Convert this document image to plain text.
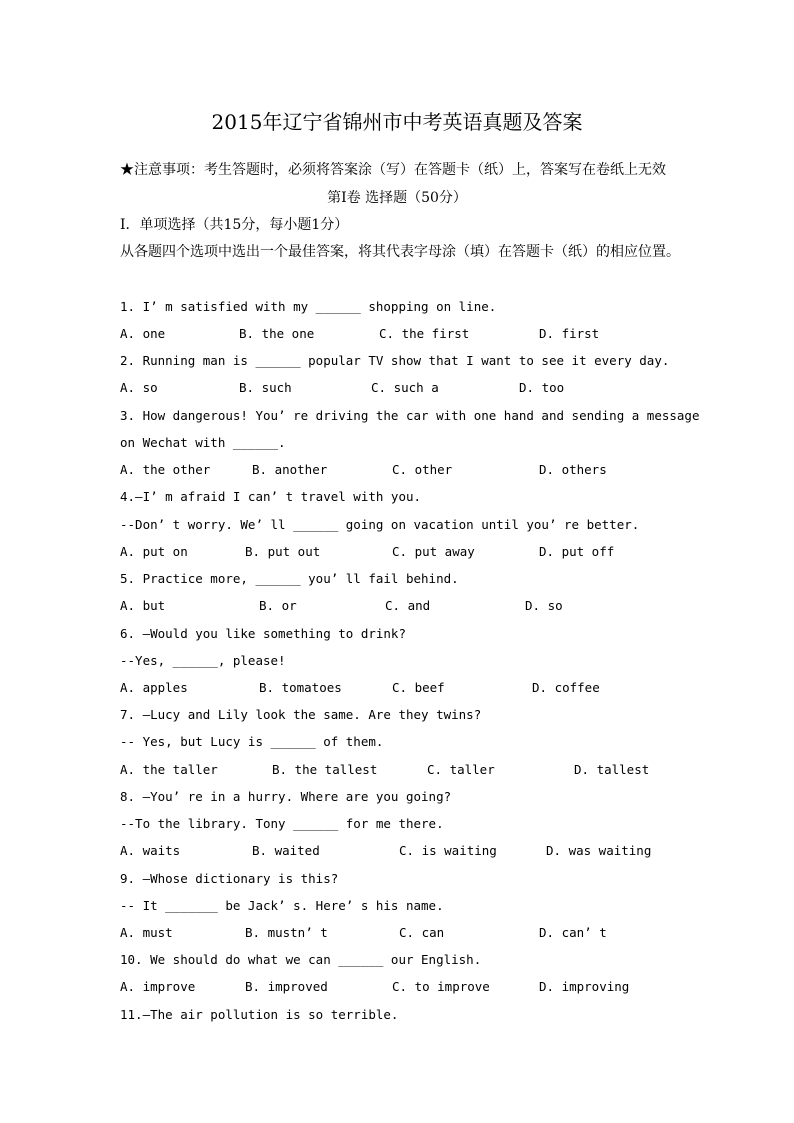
2015年辽宁省锦州市中考英语真题及答案
★注意事项：考生答题时，必须将答案涂（写）在答题卡（纸）上，答案写在卷纸上无效
第Ⅰ卷 选择题（50分）
Ⅰ．单项选择（共15分，每小题1分）
从各题四个选项中选出一个最佳答案，将其代表字母涂（填）在答题卡（纸）的相应位置。
1. I’ m satisfied with my ______ shopping on line.
A. one	B. the one	C. the first	D. first
2. Running man is ______ popular TV show that I want to see it every day.
A. so	B. such	C. such a	D. too
3. How dangerous! You’ re driving the car with one hand and sending a message
on Wechat with ______.
A. the other	B. another	C. other	D. others
4.—I’ m afraid I can’ t travel with you.
--Don’ t worry. We’ ll ______ going on vacation until you’ re better.
A. put on	B. put out	C. put away	D. put off
5. Practice more, ______ you’ ll fail behind.
A. but	B. or	C. and	D. so
6. —Would you like something to drink?
--Yes, ______, please!
A. apples	B. tomatoes	C. beef	D. coffee
7. —Lucy and Lily look the same. Are they twins?
-- Yes, but Lucy is ______ of them.
A. the taller	B. the tallest	C. taller	D. tallest
8. —You’ re in a hurry. Where are you going?
--To the library. Tony ______ for me there.
A. waits	B. waited	C. is waiting	D. was waiting
9. —Whose dictionary is this?
-- It _______ be Jack’ s. Here’ s his name.
A. must	B. mustn’ t	C. can	D. can’ t
10. We should do what we can ______ our English.
A. improve	B. improved	C. to improve	D. improving
11.—The air pollution is so terrible.
